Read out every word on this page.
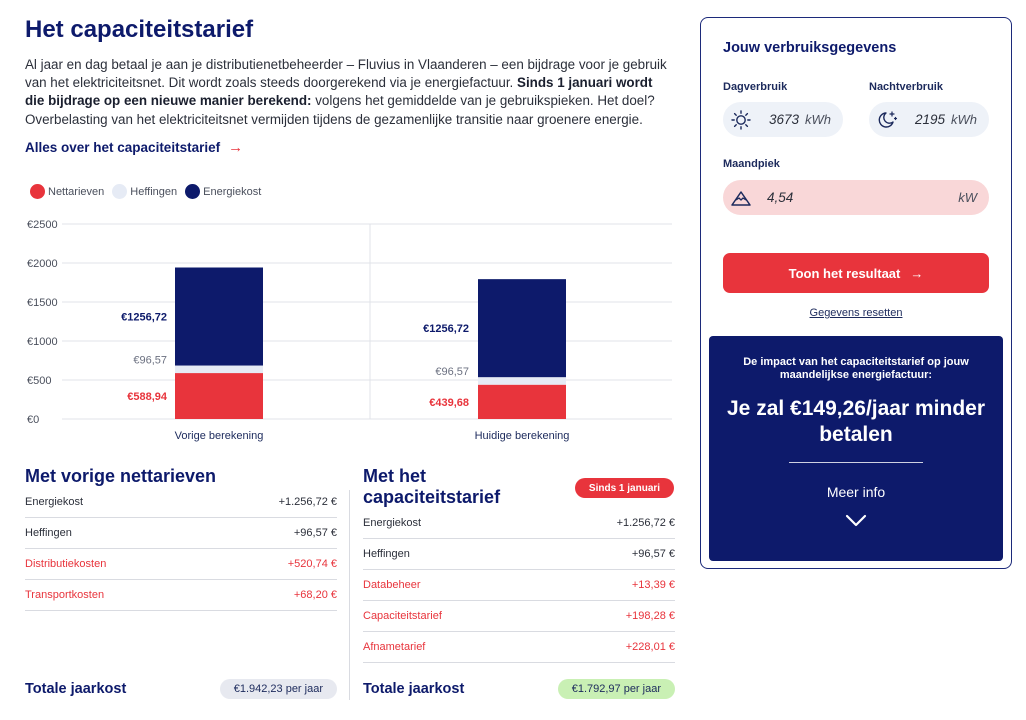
Het capaciteitstarief

Al jaar en dag betaal je aan je distributienetbeheerder – Fluvius in Vlaanderen – een bijdrage voor je gebruik van het elektriciteitsnet. Dit wordt zoals steeds doorgerekend via je energiefactuur. Sinds 1 januari wordt die bijdrage op een nieuwe manier berekend: volgens het gemiddelde van je gebruikspieken. Het doel? Overbelasting van het elektriciteitsnet vermijden tijdens de gezamenlijke transitie naar groenere energie.

Alles over het capaciteitstarief →
Nettarieven Heffingen Energiekost
€0
€500
€1000
€1500
€2000
€2500
€588,94
€96,57
€1256,72
Vorige berekening
€439,68
€96,57
€1256,72
Huidige berekening
Met vorige nettarieven
Energiekost	+1.256,72 €
Heffingen	+96,57 €
Distributiekosten	+520,74 €
Transportkosten	+68,20 €
Totale jaarkost	€1.942,23 per jaar
Met het capaciteitstarief
Energiekost	+1.256,72 €
Heffingen	+96,57 €
Databeheer	+13,39 €
Capaciteitstarief	+198,28 €
Afnametarief	+228,01 €
Sinds 1 januari
Totale jaarkost	€1.792,97 per jaar
Jouw verbruiksgegevens
Dagverbruik
3673 kWh
Nachtverbruik
2195 kWh
Maandpiek
4,54	kW
Toon het resultaat →
Gegevens resetten
De impact van het capaciteitstarief op jouw maandelijkse energiefactuur:
Je zal €149,26/jaar minder betalen
Meer info
